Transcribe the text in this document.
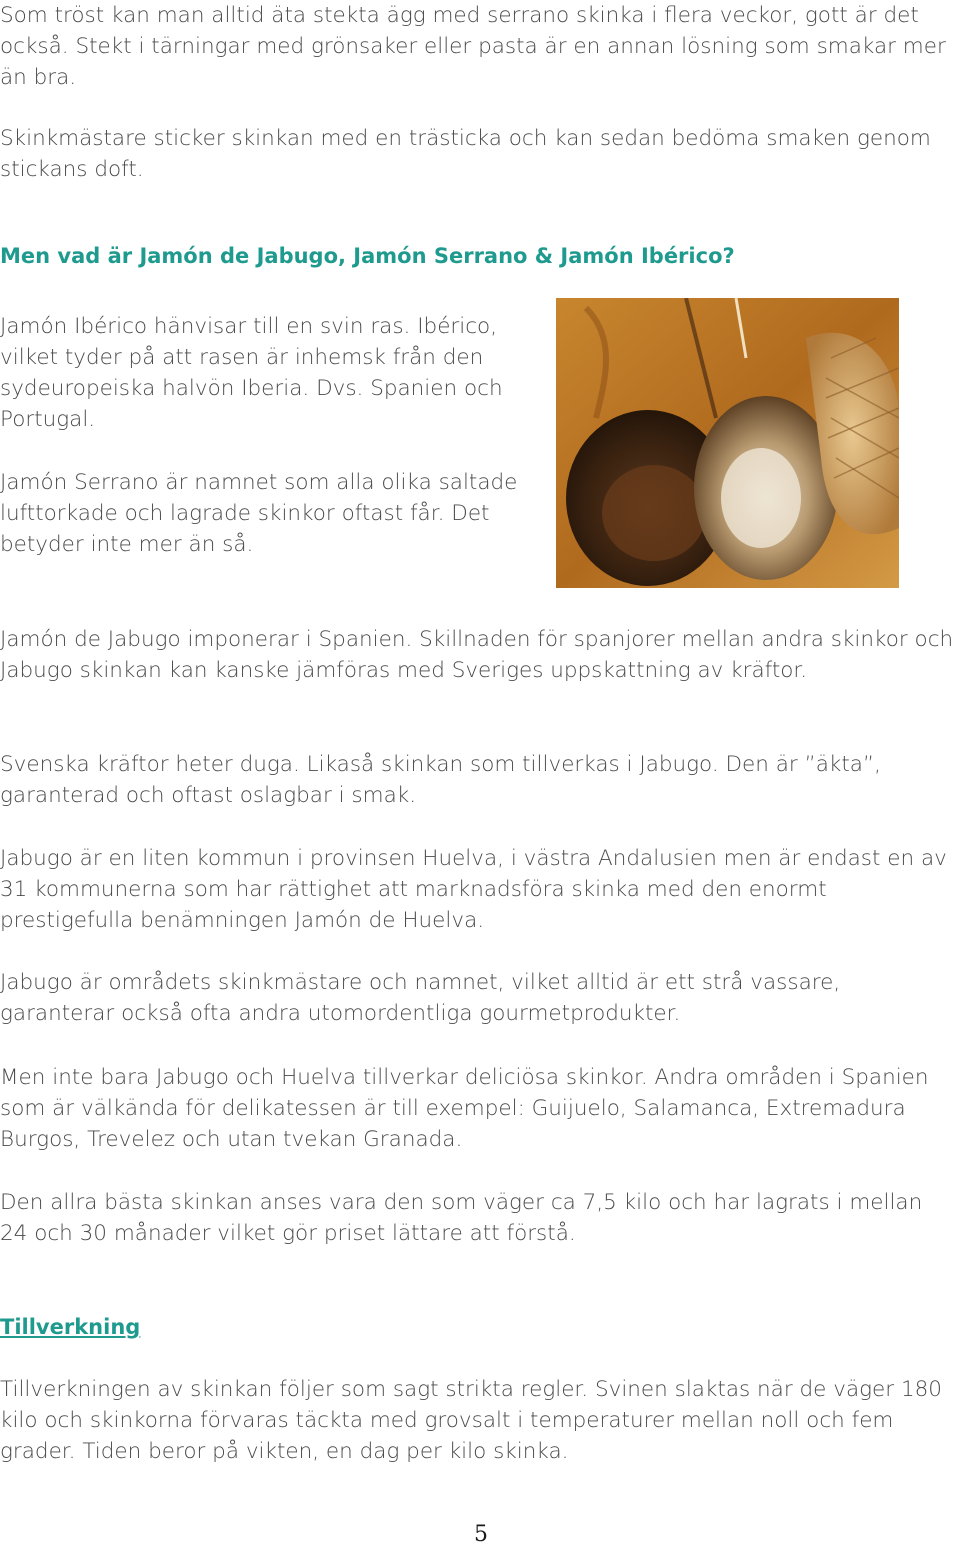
Som tröst kan man alltid äta stekta ägg med serrano skinka i flera veckor, gott är det också. Stekt i tärningar med grönsaker eller pasta är en annan lösning som smakar mer än bra.

Skinkmästare sticker skinkan med en trästicka och kan sedan bedöma smaken genom stickans doft.

Men vad är Jamón de Jabugo, Jamón Serrano & Jamón Ibérico?

Jamón Ibérico hänvisar till en svin ras. Ibérico, vilket tyder på att rasen är inhemsk från den sydeuropeiska halvön Iberia. Dvs. Spanien och Portugal.

Jamón Serrano är namnet som alla olika saltade lufttorkade och lagrade skinkor oftast får. Det betyder inte mer än så.

Jamón de Jabugo imponerar i Spanien. Skillnaden för spanjorer mellan andra skinkor och Jabugo skinkan kan kanske jämföras med Sveriges uppskattning av kräftor.

Svenska kräftor heter duga. Likaså skinkan som tillverkas i Jabugo. Den är ”äkta”, garanterad och oftast oslagbar i smak.

Jabugo är en liten kommun i provinsen Huelva, i västra Andalusien men är endast en av 31 kommunerna som har rättighet att marknadsföra skinka med den enormt prestigefulla benämningen Jamón de Huelva.

Jabugo är områdets skinkmästare och namnet, vilket alltid är ett strå vassare, garanterar också ofta andra utomordentliga gourmetprodukter.

Men inte bara Jabugo och Huelva tillverkar deliciösa skinkor. Andra områden i Spanien som är välkända för delikatessen är till exempel: Guijuelo, Salamanca, Extremadura Burgos, Trevelez och utan tvekan Granada.

Den allra bästa skinkan anses vara den som väger ca 7,5 kilo och har lagrats i mellan 24 och 30 månader vilket gör priset lättare att förstå.

Tillverkning

Tillverkningen av skinkan följer som sagt strikta regler. Svinen slaktas när de väger 180 kilo och skinkorna förvaras täckta med grovsalt i temperaturer mellan noll och fem grader. Tiden beror på vikten, en dag per kilo skinka.

5
